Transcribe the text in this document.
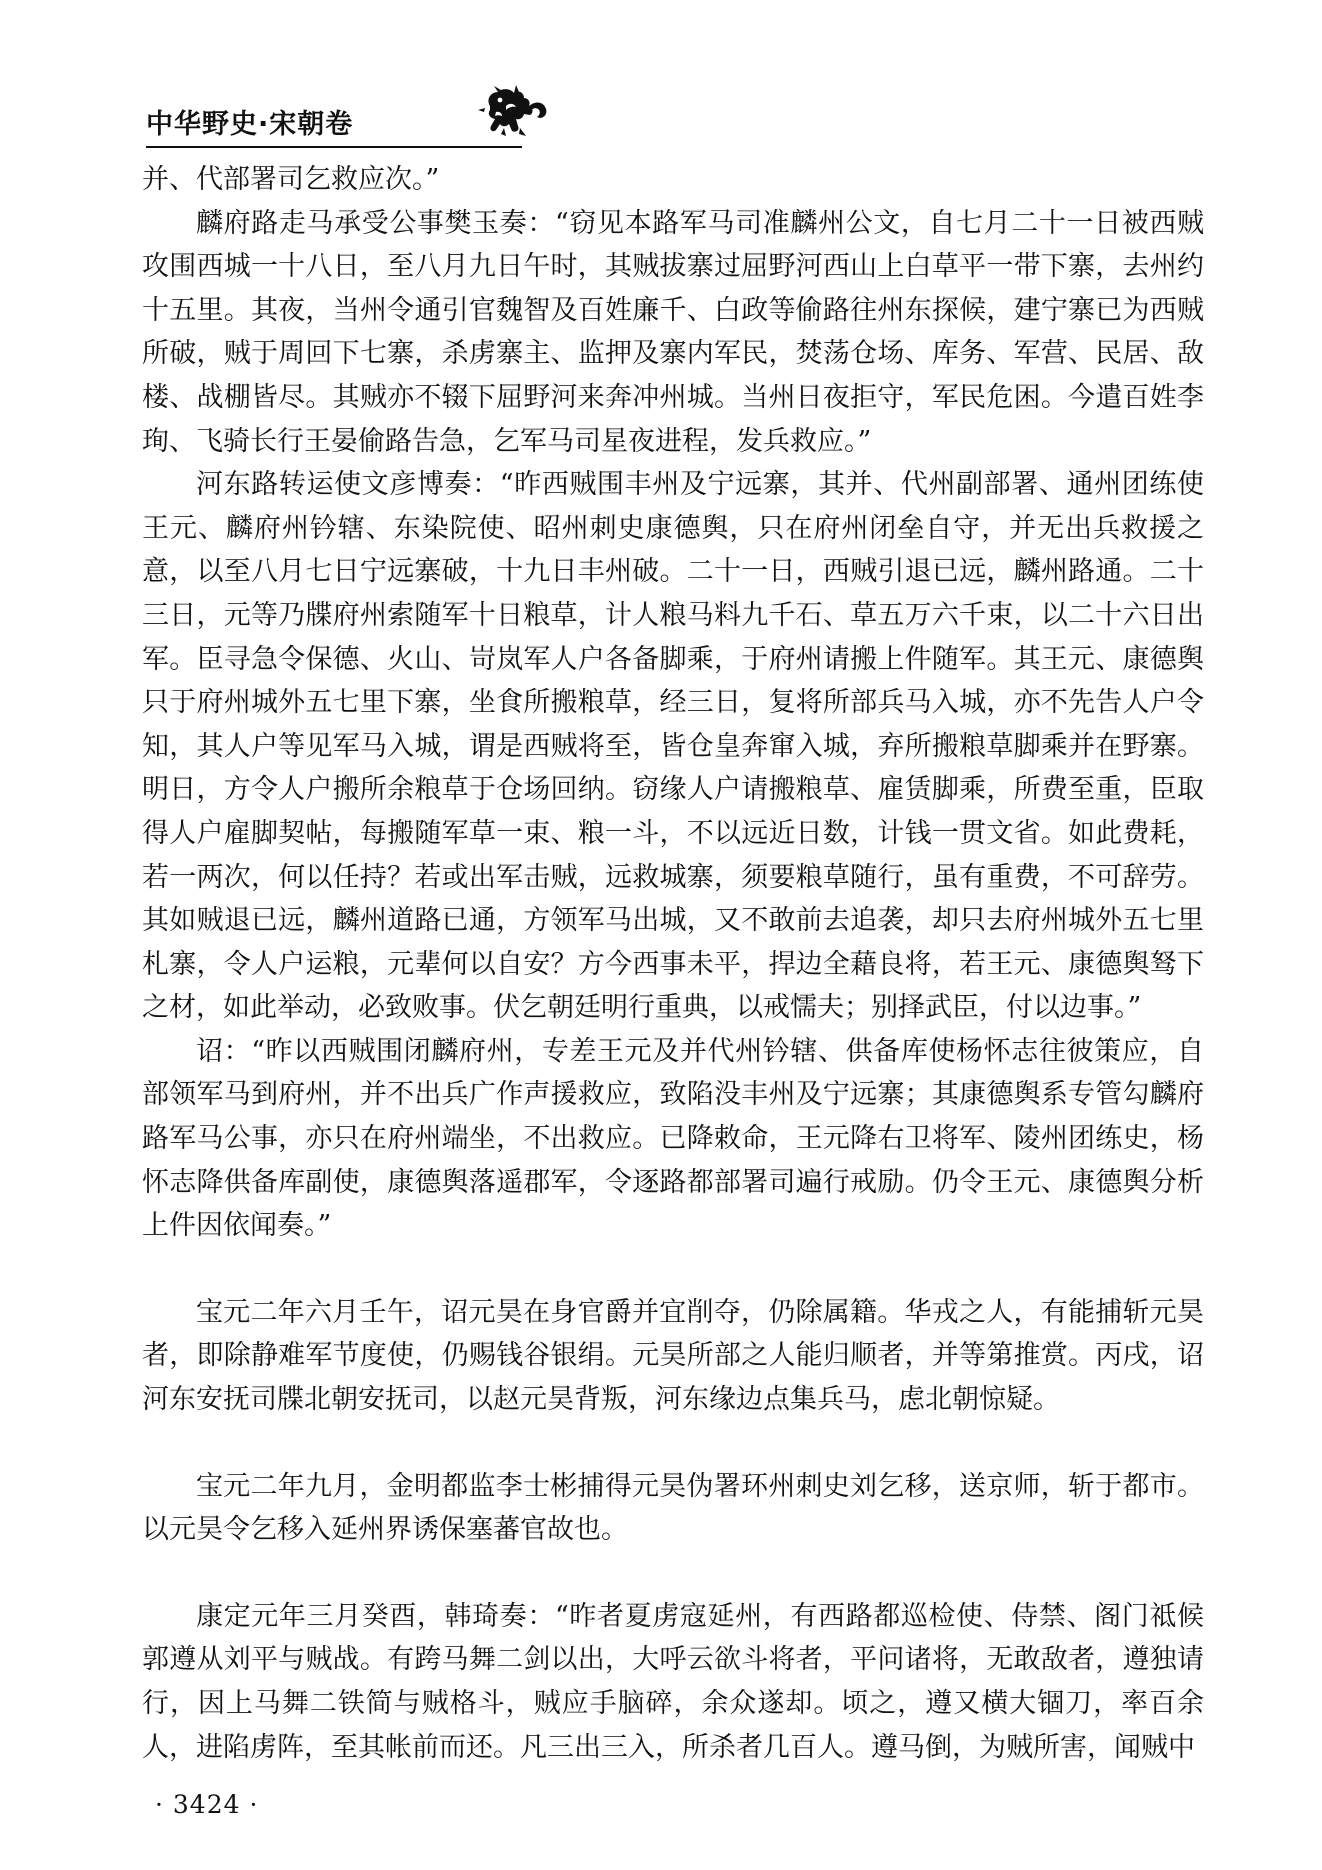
中华野史·宋朝卷

并、代部署司乞救应次。”

麟府路走马承受公事樊玉奏：“窃见本路军马司准麟州公文，自七月二十一日被西贼攻围西城一十八日，至八月九日午时，其贼拔寨过屈野河西山上白草平一带下寨，去州约十五里。其夜，当州令通引官魏智及百姓廉千、白政等偷路往州东探候，建宁寨已为西贼所破，贼于周回下七寨，杀虏寨主、监押及寨内军民，焚荡仓场、库务、军营、民居、敌楼、战棚皆尽。其贼亦不辍下屈野河来奔冲州城。当州日夜拒守，军民危困。今遣百姓李珣、飞骑长行王晏偷路告急，乞军马司星夜进程，发兵救应。”

河东路转运使文彦博奏：“昨西贼围丰州及宁远寨，其并、代州副部署、通州团练使王元、麟府州钤辖、东染院使、昭州刺史康德舆，只在府州闭垒自守，并无出兵救援之意，以至八月七日宁远寨破，十九日丰州破。二十一日，西贼引退已远，麟州路通。二十三日，元等乃牒府州索随军十日粮草，计人粮马料九千石、草五万六千束，以二十六日出军。臣寻急令保德、火山、岢岚军人户各备脚乘，于府州请搬上件随军。其王元、康德舆只于府州城外五七里下寨，坐食所搬粮草，经三日，复将所部兵马入城，亦不先告人户令知，其人户等见军马入城，谓是西贼将至，皆仓皇奔窜入城，弃所搬粮草脚乘并在野寨。明日，方令人户搬所余粮草于仓场回纳。窃缘人户请搬粮草、雇赁脚乘，所费至重，臣取得人户雇脚契帖，每搬随军草一束、粮一斗，不以远近日数，计钱一贯文省。如此费耗，若一两次，何以任持？若或出军击贼，远救城寨，须要粮草随行，虽有重费，不可辞劳。其如贼退已远，麟州道路已通，方领军马出城，又不敢前去追袭，却只去府州城外五七里札寨，令人户运粮，元辈何以自安？方今西事未平，捍边全藉良将，若王元、康德舆驽下之材，如此举动，必致败事。伏乞朝廷明行重典，以戒懦夫；别择武臣，付以边事。”

诏：“昨以西贼围闭麟府州，专差王元及并代州钤辖、供备库使杨怀志往彼策应，自部领军马到府州，并不出兵广作声援救应，致陷没丰州及宁远寨；其康德舆系专管勾麟府路军马公事，亦只在府州端坐，不出救应。已降敕命，王元降右卫将军、陵州团练史，杨怀志降供备库副使，康德舆落遥郡军，令逐路都部署司遍行戒励。仍令王元、康德舆分析上件因依闻奏。”

宝元二年六月壬午，诏元昊在身官爵并宜削夺，仍除属籍。华戎之人，有能捕斩元昊者，即除静难军节度使，仍赐钱谷银绢。元昊所部之人能归顺者，并等第推赏。丙戌，诏河东安抚司牒北朝安抚司，以赵元昊背叛，河东缘边点集兵马，虑北朝惊疑。

宝元二年九月，金明都监李士彬捕得元昊伪署环州刺史刘乞移，送京师，斩于都市。以元昊令乞移入延州界诱保塞蕃官故也。

康定元年三月癸酉，韩琦奏：“昨者夏虏寇延州，有西路都巡检使、侍禁、阁门祗候郭遵从刘平与贼战。有跨马舞二剑以出，大呼云欲斗将者，平问诸将，无敢敌者，遵独请行，因上马舞二铁简与贼格斗，贼应手脑碎，余众遂却。顷之，遵又横大锢刀，率百余人，进陷虏阵，至其帐前而还。凡三出三入，所杀者几百人。遵马倒，为贼所害，闻贼中

· 3424 ·
